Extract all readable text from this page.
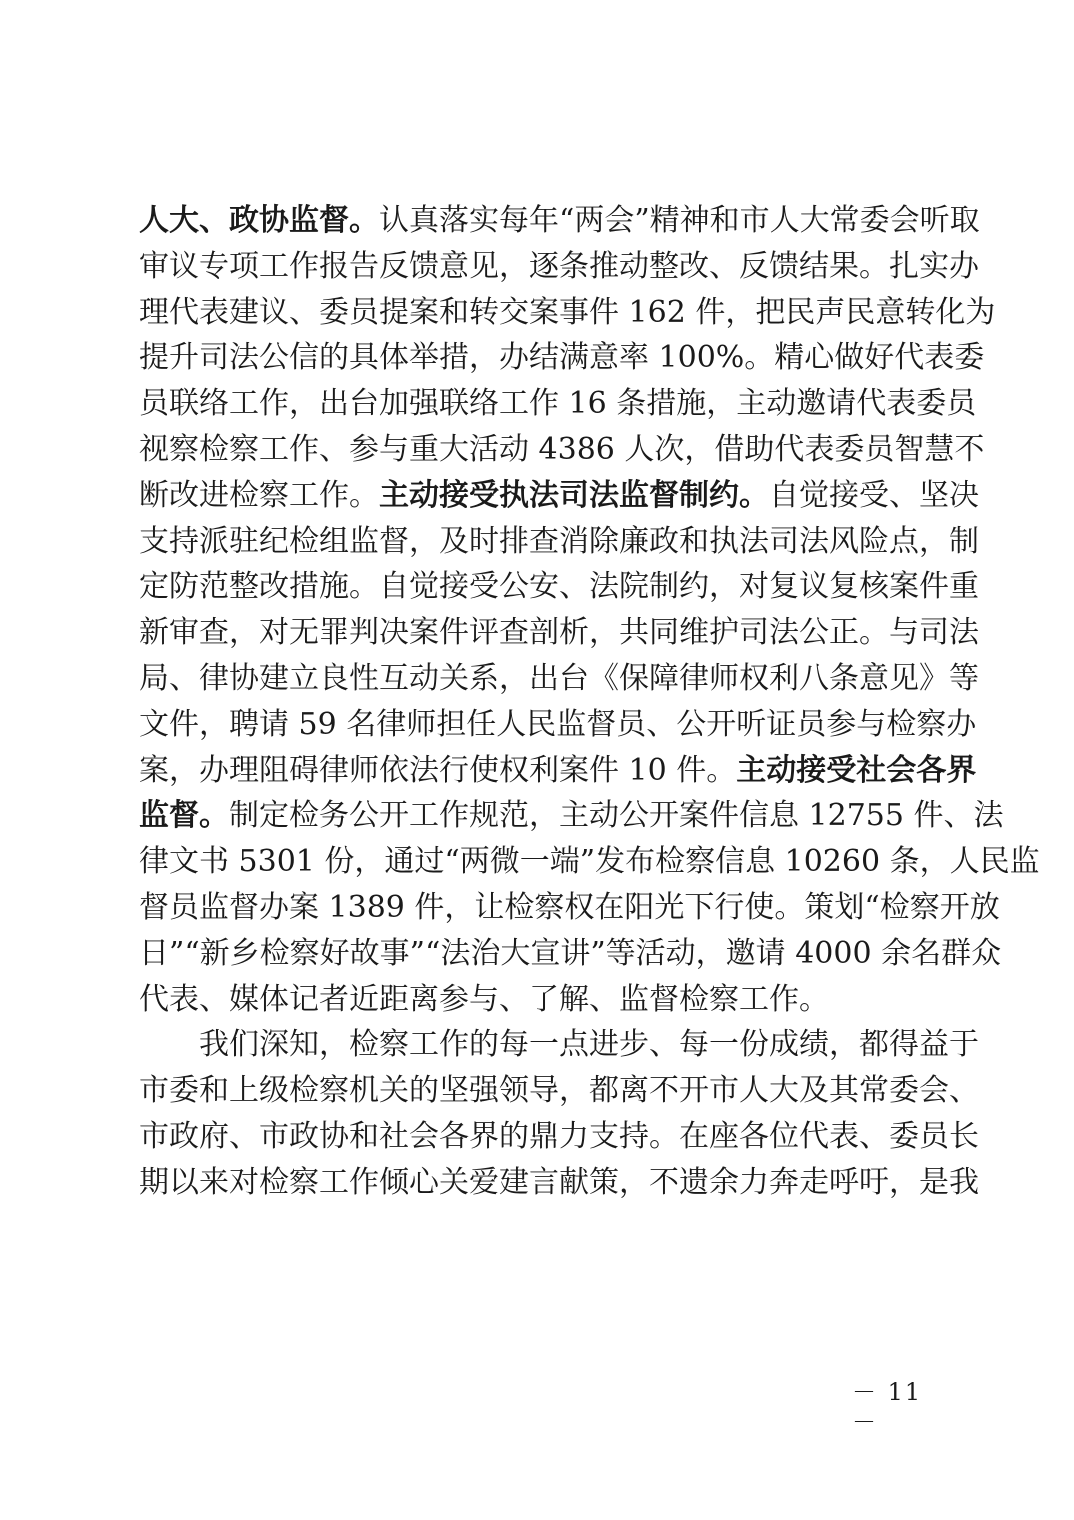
人大、政协监督。认真落实每年“两会”精神和市人大常委会听取
审议专项工作报告反馈意见，逐条推动整改、反馈结果。扎实办
理代表建议、委员提案和转交案事件 162 件，把民声民意转化为
提升司法公信的具体举措，办结满意率 100%。精心做好代表委
员联络工作，出台加强联络工作 16 条措施，主动邀请代表委员
视察检察工作、参与重大活动 4386 人次，借助代表委员智慧不
断改进检察工作。主动接受执法司法监督制约。自觉接受、坚决
支持派驻纪检组监督，及时排查消除廉政和执法司法风险点，制
定防范整改措施。自觉接受公安、法院制约，对复议复核案件重
新审查，对无罪判决案件评查剖析，共同维护司法公正。与司法
局、律协建立良性互动关系，出台《保障律师权利八条意见》等
文件，聘请 59 名律师担任人民监督员、公开听证员参与检察办
案，办理阻碍律师依法行使权利案件 10 件。主动接受社会各界
监督。制定检务公开工作规范，主动公开案件信息 12755 件、法
律文书 5301 份，通过“两微一端”发布检察信息 10260 条，人民监
督员监督办案 1389 件，让检察权在阳光下行使。策划“检察开放
日”“新乡检察好故事”“法治大宣讲”等活动，邀请 4000 余名群众
代表、媒体记者近距离参与、了解、监督检察工作。
我们深知，检察工作的每一点进步、每一份成绩，都得益于
市委和上级检察机关的坚强领导，都离不开市人大及其常委会、
市政府、市政协和社会各界的鼎力支持。在座各位代表、委员长
期以来对检察工作倾心关爱建言献策，不遗余力奔走呼吁，是我
－ 11 －
